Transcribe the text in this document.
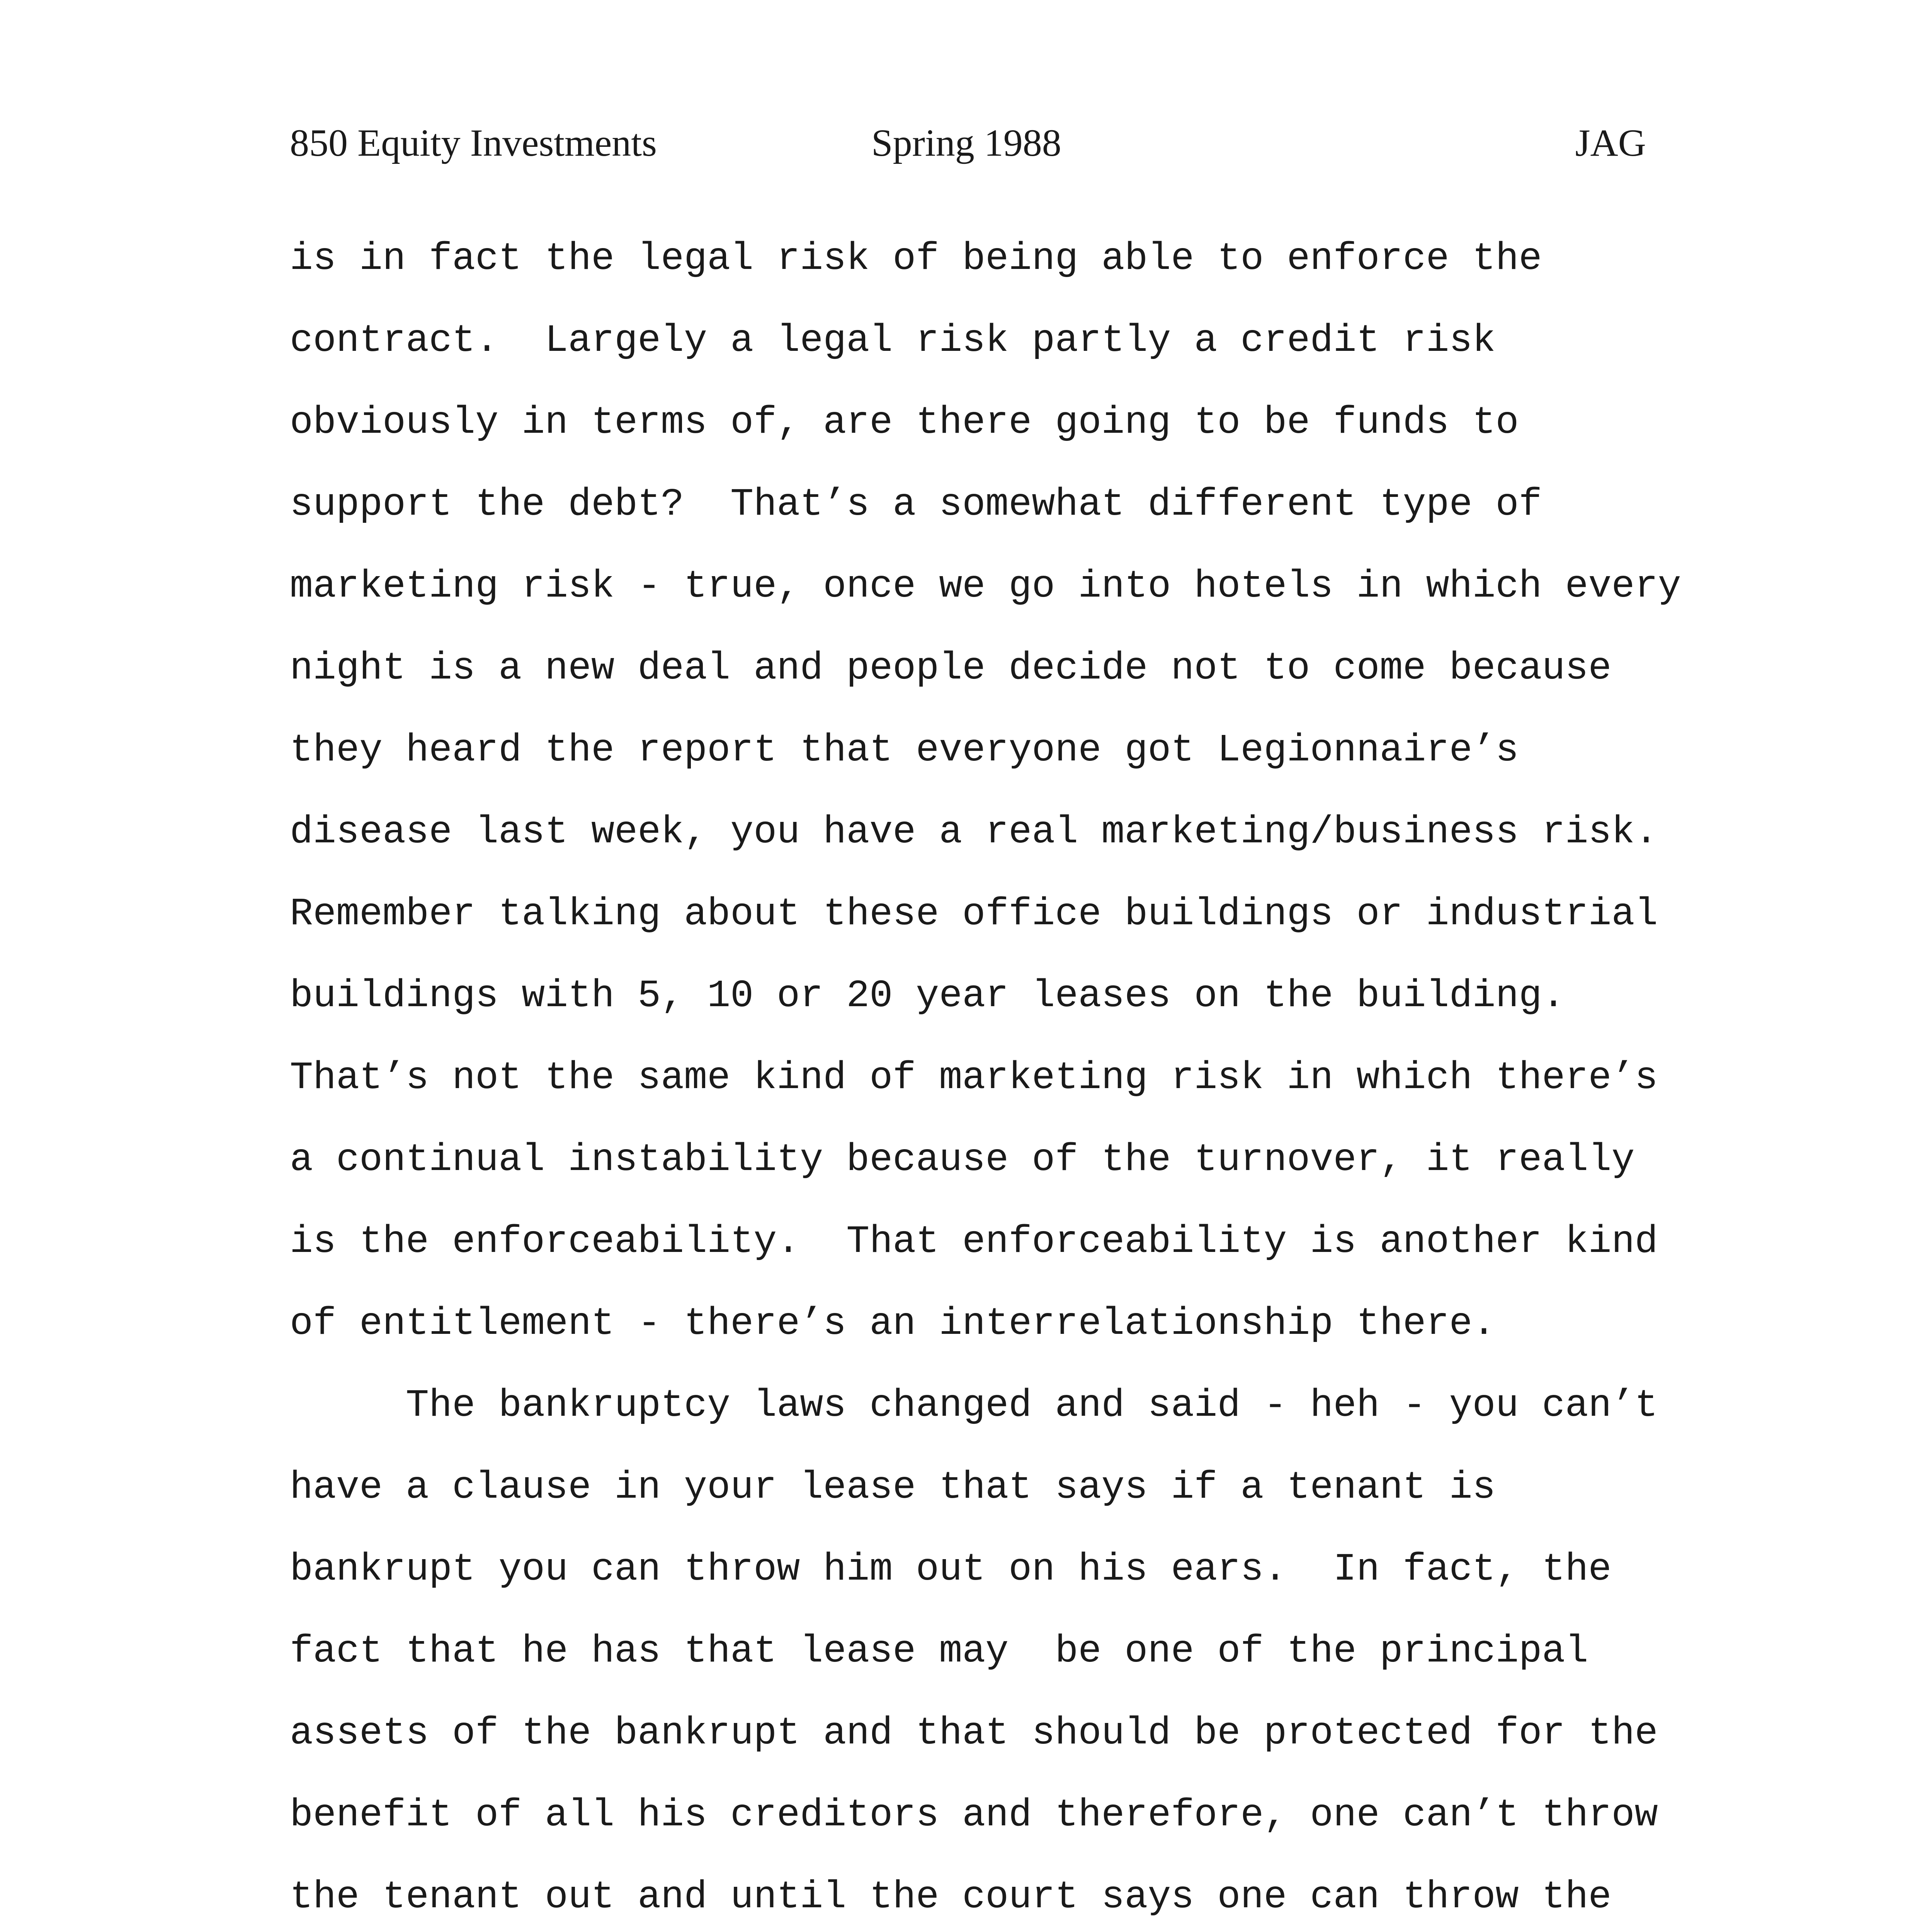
850 Equity Investments	Spring 1988	JAG
is in fact the legal risk of being able to enforce the
contract.  Largely a legal risk partly a credit risk
obviously in terms of, are there going to be funds to
support the debt?  That’s a somewhat different type of
marketing risk - true, once we go into hotels in which every
night is a new deal and people decide not to come because
they heard the report that everyone got Legionnaire’s
disease last week, you have a real marketing/business risk.
Remember talking about these office buildings or industrial
buildings with 5, 10 or 20 year leases on the building.
That’s not the same kind of marketing risk in which there’s
a continual instability because of the turnover, it really
is the enforceability.  That enforceability is another kind
of entitlement - there’s an interrelationship there.
The bankruptcy laws changed and said - heh - you can’t
have a clause in your lease that says if a tenant is
bankrupt you can throw him out on his ears.  In fact, the
fact that he has that lease may  be one of the principal
assets of the bankrupt and that should be protected for the
benefit of all his creditors and therefore, one can’t throw
the tenant out and until the court says one can throw the
